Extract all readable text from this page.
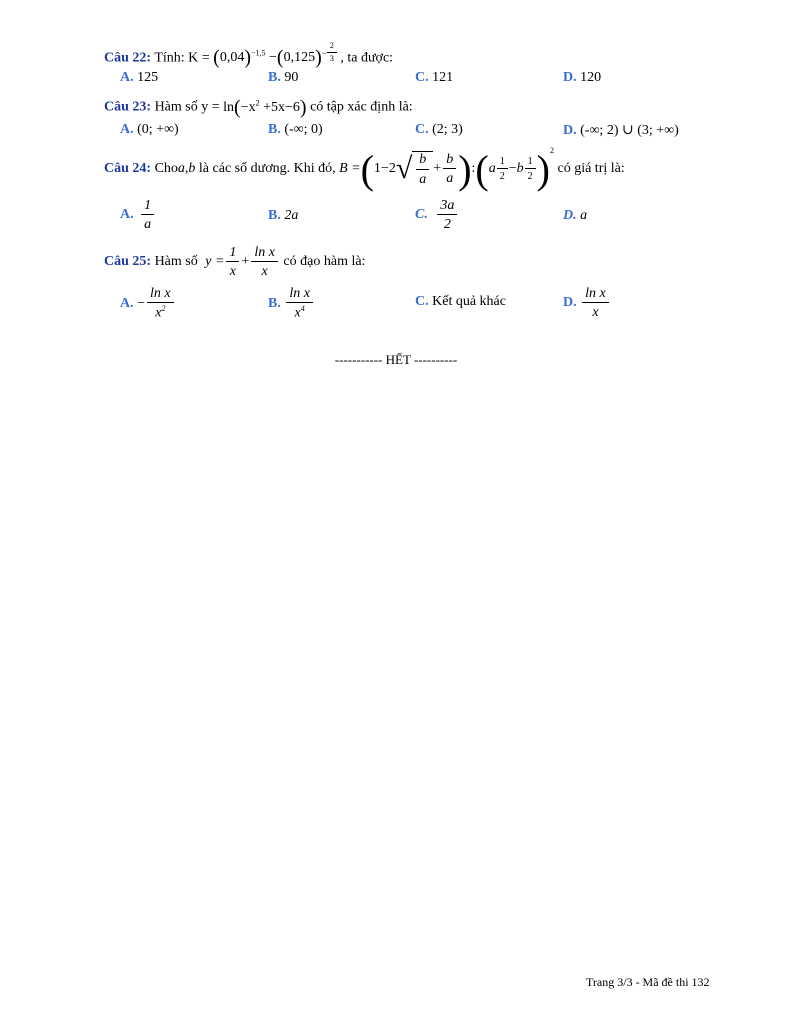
Câu 22: Tính: $K = (0,04)^{-1,5} -(0,125) - \frac{2}{3}$ , ta được:
A. 125	B. 90	C. 121	D. 120
Câu 23: Hàm số $y = \ln(-x^2 +5x-6)$ có tập xác định là:
A. (0; +∞)	B. (-∞; 0)	C. (2; 3)	D. (-∞; 2) ∪ (3; +∞)
Câu 24:
Cho a , b là các số dương. Khi đó, B = ( 1−2 √ $\frac{b}{a} + \frac{b}{a}$ ) : ( a $\frac{1}{2} - b \frac{1}{2}$ ) 2
có giá trị là:
A.
$\frac{1}{a}$	B. 2a	C.
$\frac{3a}{2}$	D. a
Câu 25:
Hàm số $y = \frac{1}{x} + \frac{\text{ln x}}{x}$ có đạo hàm là:
A.
− $\frac{\text{ln x}}{x^2}$	B.
$\frac{\text{ln x}}{x^4}$	C. Kết quả khác	D.
$\frac{\text{ln x}}{x}$
----------- HẾT ----------
Trang 3/3 - Mã đề thi 132
